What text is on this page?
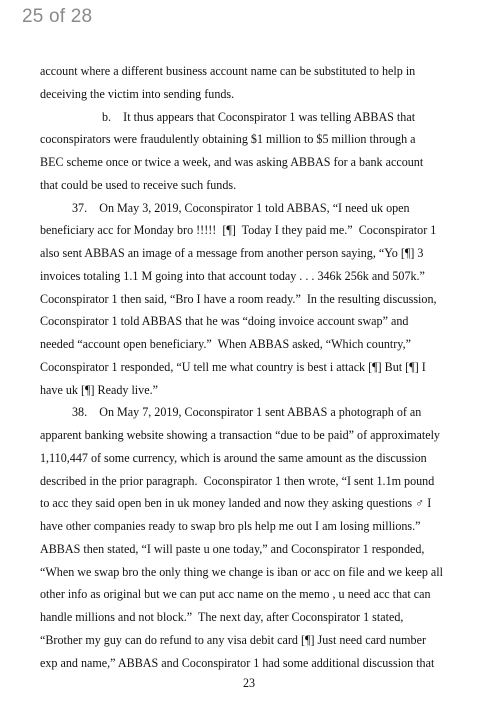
25 of 28
account where a different business account name can be substituted to help in
deceiving the victim into sending funds.
b.    It thus appears that Coconspirator 1 was telling ABBAS that
coconspirators were fraudulently obtaining $1 million to $5 million through a
BEC scheme once or twice a week, and was asking ABBAS for a bank account
that could be used to receive such funds.
37.    On May 3, 2019, Coconspirator 1 told ABBAS, “I need uk open
beneficiary acc for Monday bro !!!!!  [¶]  Today I they paid me.”  Coconspirator 1
also sent ABBAS an image of a message from another person saying, “Yo [¶] 3
invoices totaling 1.1 M going into that account today . . . 346k 256k and 507k.”
Coconspirator 1 then said, “Bro I have a room ready.”  In the resulting discussion,
Coconspirator 1 told ABBAS that he was “doing invoice account swap” and
needed “account open beneficiary.”  When ABBAS asked, “Which country,”
Coconspirator 1 responded, “U tell me what country is best i attack [¶] But [¶] I
have uk [¶] Ready live.”
38.    On May 7, 2019, Coconspirator 1 sent ABBAS a photograph of an
apparent banking website showing a transaction “due to be paid” of approximately
1,110,447 of some currency, which is around the same amount as the discussion
described in the prior paragraph.  Coconspirator 1 then wrote, “I sent 1.1m pound
to acc they said open ben in uk money landed and now they asking questions ♂ I
have other companies ready to swap bro pls help me out I am losing millions.”
ABBAS then stated, “I will paste u one today,” and Coconspirator 1 responded,
“When we swap bro the only thing we change is iban or acc on file and we keep all
other info as original but we can put acc name on the memo , u need acc that can
handle millions and not block.”  The next day, after Coconspirator 1 stated,
“Brother my guy can do refund to any visa debit card [¶] Just need card number
exp and name,” ABBAS and Coconspirator 1 had some additional discussion that
23
